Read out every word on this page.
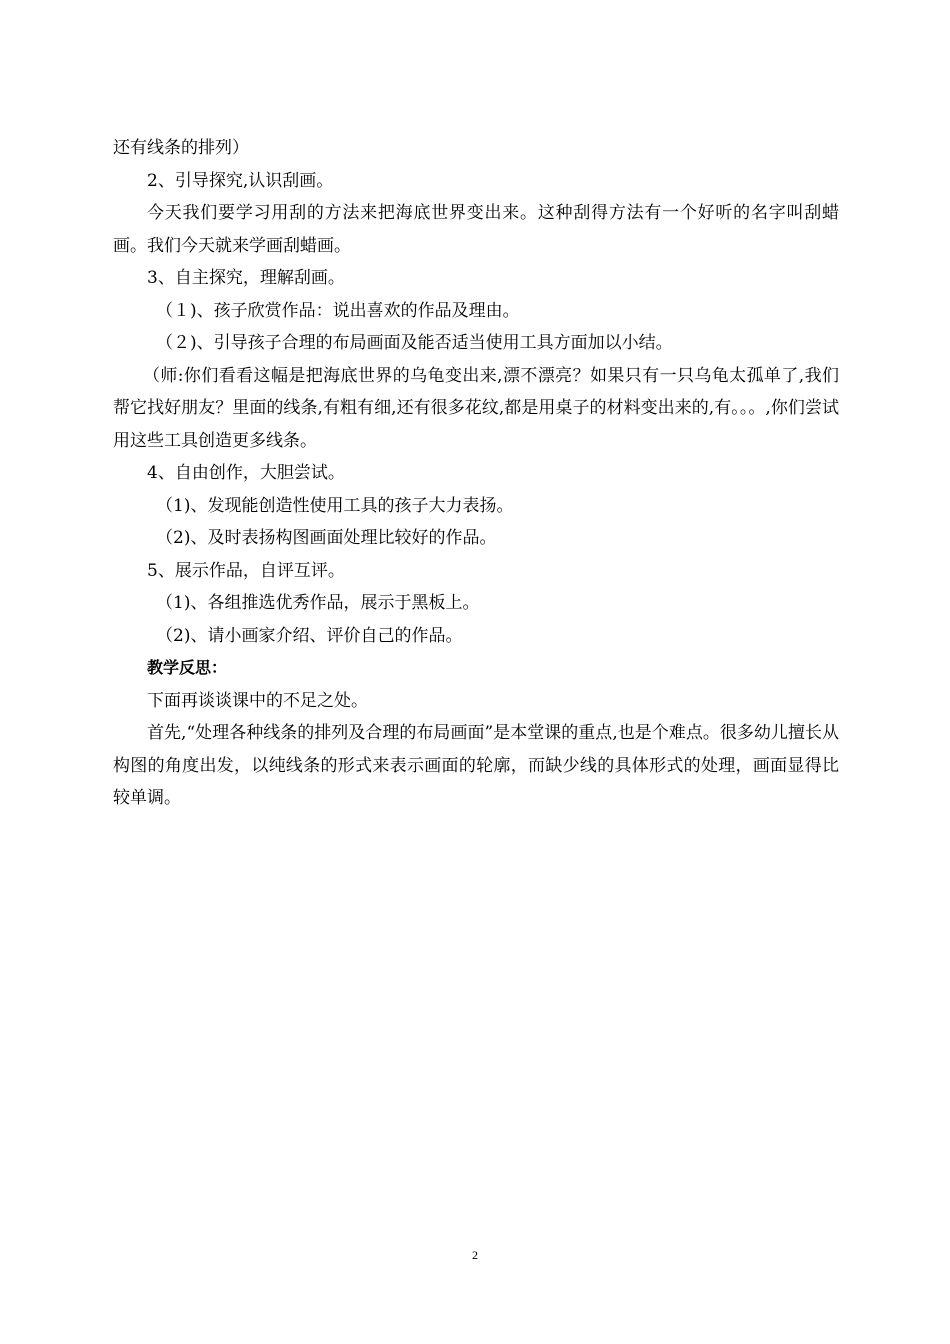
还有线条的排列）

2、引导探究,认识刮画。

今天我们要学习用刮的方法来把海底世界变出来。这种刮得方法有一个好听的名字叫刮蜡画。我们今天就来学画刮蜡画。

3、自主探究，理解刮画。

（１)、孩子欣赏作品：说出喜欢的作品及理由。

（２)、引导孩子合理的布局画面及能否适当使用工具方面加以小结。

（师:你们看看这幅是把海底世界的乌龟变出来,漂不漂亮？如果只有一只乌龟太孤单了,我们帮它找好朋友？里面的线条,有粗有细,还有很多花纹,都是用桌子的材料变出来的,有。。。,你们尝试用这些工具创造更多线条。

4、自由创作，大胆尝试。

（1)、发现能创造性使用工具的孩子大力表扬。

（2)、及时表扬构图画面处理比较好的作品。

5、展示作品，自评互评。

（1)、各组推选优秀作品，展示于黑板上。

（2)、请小画家介绍、评价自己的作品。

教学反思：

下面再谈谈课中的不足之处。

首先,“处理各种线条的排列及合理的布局画面”是本堂课的重点,也是个难点。很多幼儿擅长从构图的角度出发，以纯线条的形式来表示画面的轮廓，而缺少线的具体形式的处理，画面显得比较单调。

2
